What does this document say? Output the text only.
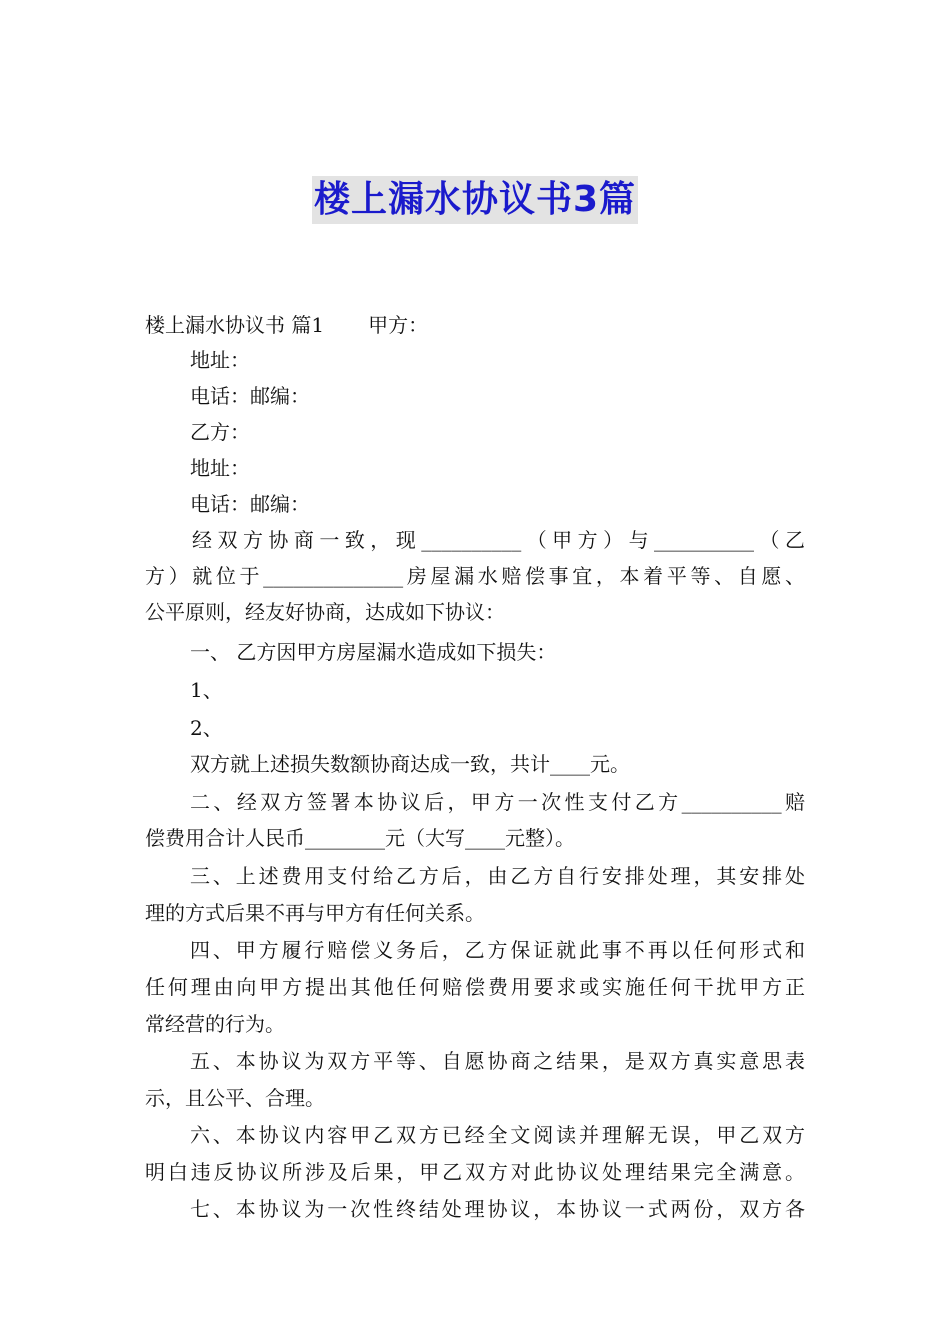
楼上漏水协议书3篇
楼上漏水协议书 篇1 甲方：
地址：
电话：邮编：
乙方：
地址：
电话：邮编：
经双方协商一致，现__________（甲方）与__________（乙
方）就位于______________房屋漏水赔偿事宜，本着平等、自愿、
公平原则，经友好协商，达成如下协议：
一、 乙方因甲方房屋漏水造成如下损失：
1、
2、
双方就上述损失数额协商达成一致，共计____元。
二、经双方签署本协议后，甲方一次性支付乙方__________赔
偿费用合计人民币________元（大写____元整）。
三、上述费用支付给乙方后，由乙方自行安排处理，其安排处
理的方式后果不再与甲方有任何关系。
四、甲方履行赔偿义务后，乙方保证就此事不再以任何形式和
任何理由向甲方提出其他任何赔偿费用要求或实施任何干扰甲方正
常经营的行为。
五、本协议为双方平等、自愿协商之结果，是双方真实意思表
示，且公平、合理。
六、本协议内容甲乙双方已经全文阅读并理解无误，甲乙双方
明白违反协议所涉及后果，甲乙双方对此协议处理结果完全满意。
七、本协议为一次性终结处理协议，本协议一式两份，双方各
